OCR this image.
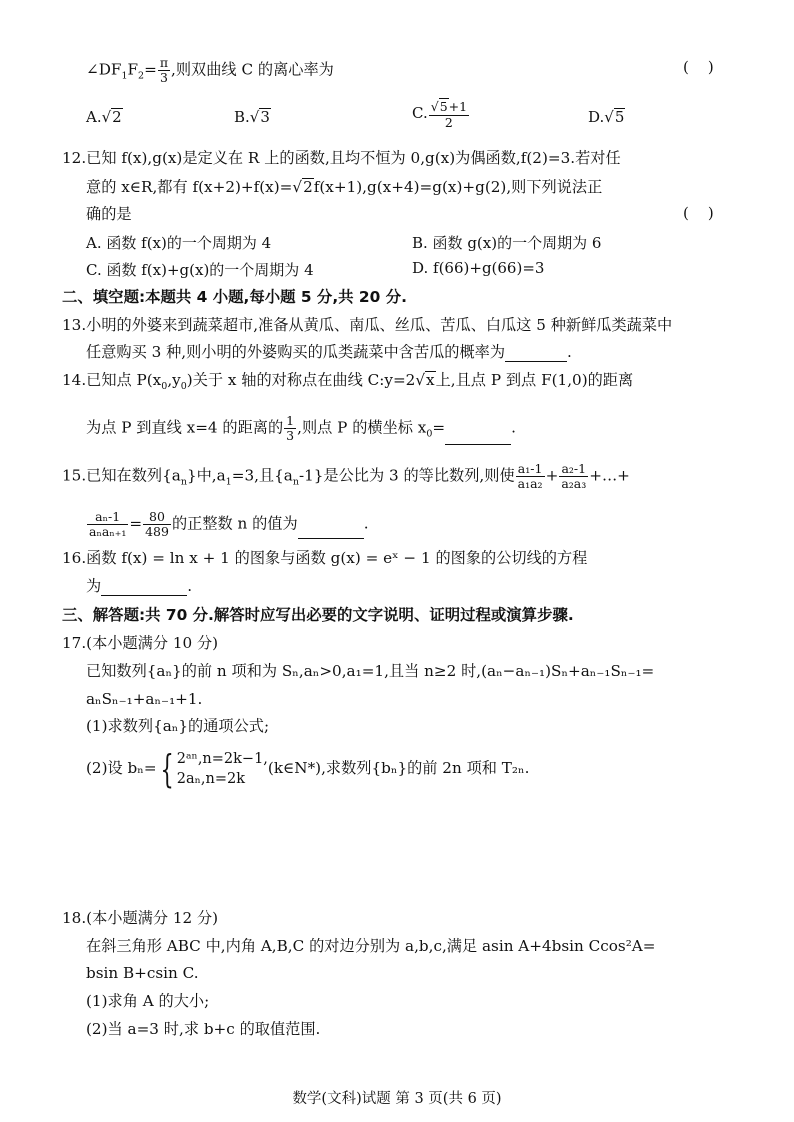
$\angle DF_1F_2= \frac{\pi}{3}$ ,则双曲线 C 的离心率为	(    )
A.√2	B.√3	C. $\frac{√5+1}{2}$	D.√5
12.已知 f(x),g(x)是定义在 R 上的函数,且均不恒为 0,g(x)为偶函数,f(2)=3.若对任
意的 x∈R,都有 f(x+2)+f(x)=√2f(x+1),g(x+4)=g(x)+g(2),则下列说法正
确的是	(    )
A. 函数 f(x)的一个周期为 4	B. 函数 g(x)的一个周期为 6
C. 函数 f(x)+g(x)的一个周期为 4	D. f(66)+g(66)=3
二、填空题:本题共 4 小题,每小题 5 分,共 20 分.
13.小明的外婆来到蔬菜超市,准备从黄瓜、南瓜、丝瓜、苦瓜、白瓜这 5 种新鲜瓜类蔬菜中
任意购买 3 种,则小明的外婆购买的瓜类蔬菜中含苦瓜的概率为	.
14.已知点 $P(x_0,y_0)$关于 x 轴的对称点在曲线 C:y=2√x上,且点 P 到点 F(1,0)的距离
为点 P 到直线 x=4 的距离的 $\frac{1}{3}$ ,则点 P 的横坐标 $x_0=$	.
15.已知在数列$\{a_n\}$中$,a_1=3$,且$\{a_n-1\}$是公比为 3 的等比数列,则使 $\frac{\text{a₁-1}}{\text{a₁a₂}} + \frac{\text{a₂-1}}{\text{a₂a₃}}$ +…+
$\frac{\text{aₙ-1}}{\text{aₙaₙ₊₁}} = \frac{80}{489}$ 的正整数 n 的值为	.
16.函数 f(x) = ln x + 1 的图象与函数 g(x) = eˣ − 1 的图象的公切线的方程
为	.
三、解答题:共 70 分.解答时应写出必要的文字说明、证明过程或演算步骤.
17.(本小题满分 10 分)
已知数列{aₙ}的前 n 项和为 Sₙ,aₙ>0,a₁=1,且当 n≥2 时,(aₙ−aₙ₋₁)Sₙ+aₙ₋₁Sₙ₋₁=
aₙSₙ₋₁+aₙ₋₁+1.
(1)求数列{aₙ}的通项公式;
(2)设 bₙ= { 2ᵃⁿ,n=2k−1,
2aₙ,n=2k
(k∈N*),求数列{bₙ}的前 2n 项和 T₂ₙ.
18.(本小题满分 12 分)
在斜三角形 ABC 中,内角 A,B,C 的对边分别为 a,b,c,满足 asin A+4bsin Ccos²A=
bsin B+csin C.
(1)求角 A 的大小;
(2)当 a=3 时,求 b+c 的取值范围.
数学(文科)试题 第 3 页(共 6 页)
